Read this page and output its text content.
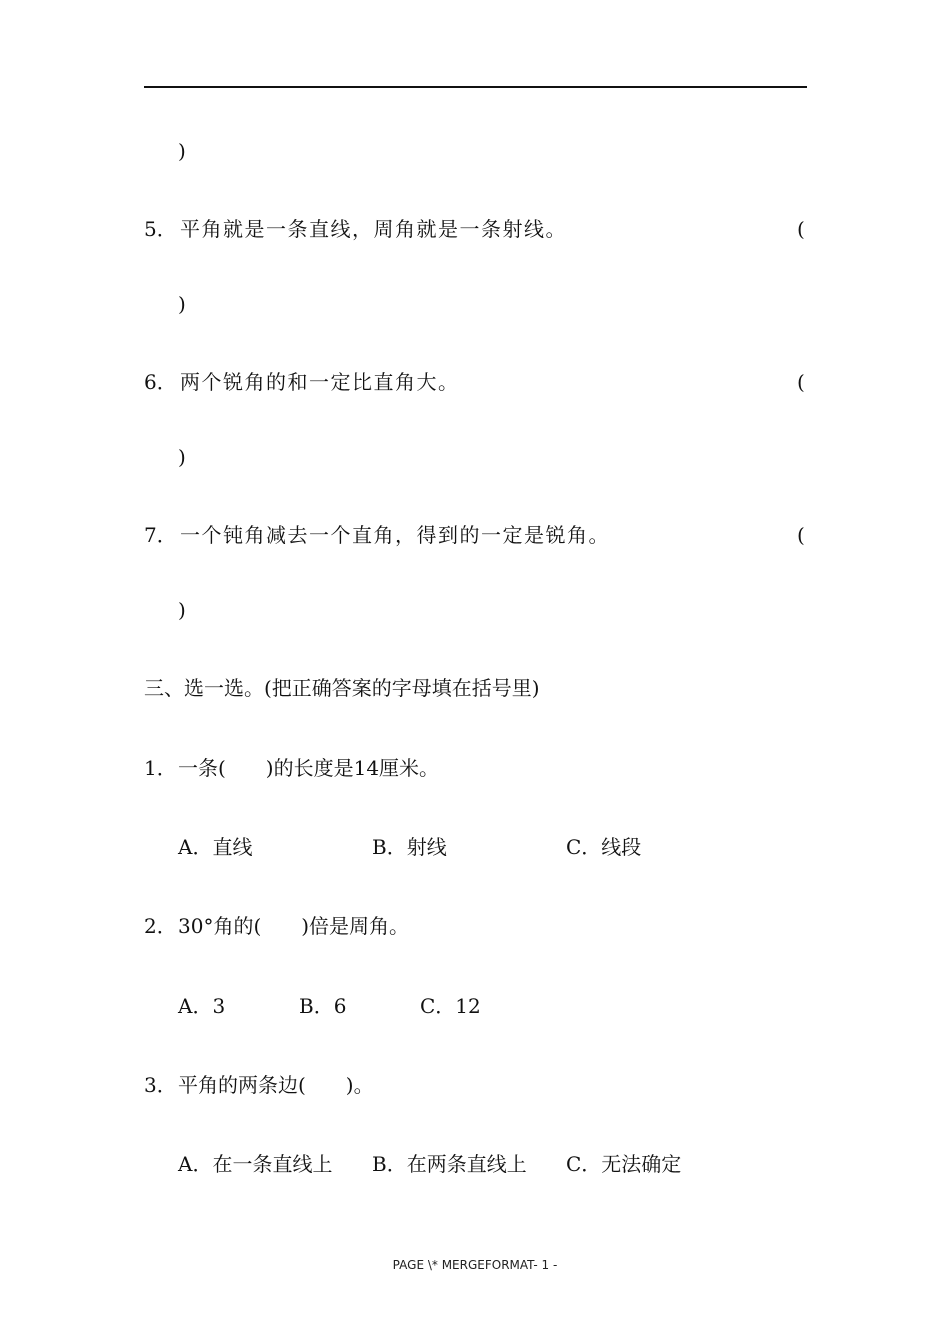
)
5． 平角就是一条直线，周角就是一条射线。	(
)
6． 两个锐角的和一定比直角大。	(
)
7． 一个钝角减去一个直角，得到的一定是锐角。	(
)
三、选一选。(把正确答案的字母填在括号里)
1． 一条(　　)的长度是14厘米。
A．直线	B．射线	C．线段
2． 30°角的(　　)倍是周角。
A．3	B．6	C．12
3． 平角的两条边(　　)。
A．在一条直线上 B．在两条直线上 C．无法确定
PAGE \* MERGEFORMAT- 1 -
